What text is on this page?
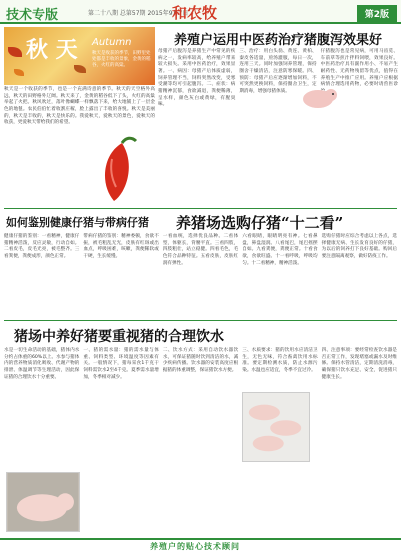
技术专版	第二十八期 总第57期 2015年9月7日
和农牧	第2版
秋 天 Autumn
秋天是收获的季节，田野里处处都是丰收的景象，金黄的稻谷，火红的高粱。
秋天是一个收获的季节，也是一个充满诗意的季节。秋天的天空格外高远，秋天的田野格外辽阔。秋天来了，金黄的稻谷低下了头，火红的高粱举起了火把。秋风吹过，落叶像蝴蝶一样飘落下来，给大地铺上了一层金色的地毯。农民伯伯忙着收割庄稼，脸上露出了丰收的喜悦。秋天是美丽的，秋天是丰收的，秋天是快乐的。我爱秋天，爱秋天的景色，爱秋天的收获，更爱秋天带给我们的希望。
养殖户运用中医药治疗猪腹泻效果好
母猪产后腹泻是养猪生产中常见的疾病之一，发病率较高，给养殖户带来较大损失。采用中医药治疗，效果显著。一、病因：母猪产后体质虚弱，饲养管理不当，饲料突然改变，受寒受潮等均可引起腹泻。二、症状：病猪精神沉郁，食欲减退，粪便稀薄，呈水样，颜色灰白或黄绿，有腥臭味。
三、治疗：用白头翁、黄连、黄柏、秦皮各适量，煎汤灌服，每日一次，连用三天。同时加强饲养管理，保持圈舍干燥清洁，注意防寒保暖。四、预防：母猪产后应逐渐增加饲料，不可突然更换饲料，保持圈舍卫生，定期消毒，增强母猪体质。
仔猪腹泻也是常见病，可用马齿苋、车前草等煎汁拌料饲喂，效果良好。中医药治疗具有副作用小、不易产生耐药性、无药物残留等优点，值得在养殖生产中推广应用。养殖户应根据病情合理选用药物，必要时请兽医诊
如何鉴别健康仔猪与带病仔猪 养猪场选购仔猪“十二看”
健康仔猪的鉴别：一看精神，健康仔猪精神活泼，反应灵敏，行动自如。二看皮毛，皮毛光亮，被毛整齐。三看粪便，粪便成形，颜色正常。
带病仔猪的鉴别：精神委顿，食欲不振，被毛粗乱无光，皮肤有红斑或出血点，呼吸困难，咳嗽，粪便稀软或干硬，生长缓慢。
一看血统，选择优良品种。二看体型，体躯长，背腰平直。三看四肢，四肢粗壮，站立稳健。四看毛色，毛色符合品种特征。五看皮肤，皮肤红润有弹性。
六看眼睛，眼睛明亮有神。七看鼻盘，鼻盘湿润。八看尾巴，尾巴摇摆自如。九看粪便，粪便正常。十看食欲，食欲旺盛。十一看呼吸，呼吸均匀。十二看精神，精神活泼。
选购仔猪时应综合考虑以上各点，选择健康无病、生长发育良好的仔猪，为以后的饲养打下良好基础。购回后要注意隔离观察，做好防疫工作。
猪场中养好猪要重视猪的合理饮水
水是一切生命活动的基础，猪体内水分约占体重的60%以上。水参与猪体内的营养物质消化吸收、代谢产物的排泄、体温调节等生理活动，因此保证猪的合理饮水十分重要。
一、猪的需水量：猪的需水量与体重、饲料类型、环境温度等因素有关。一般情况下，猪每采食1千克干饲料需饮水2至4千克。夏季需水量增加，冬季相对减少。
二、饮水方式：采用自动饮水器饮水，可保证猪随时饮到清洁的水，减少疾病传播。饮水器的安装高度应根据猪的体重调整，保证猪饮水方便。
三、水质要求：猪的饮用水应清洁卫生，无色无味，符合畜禽饮用水标准。要定期检测水质，防止水源污染。水温也应适宜，冬季不宜过冷。
四、注意事项：要经常检查饮水器是否正常工作，发现堵塞或漏水及时维修。保持水管清洁，定期清洗消毒，确保猪只饮水充足、安全，促进猪只健康生长。
养殖户的贴心技术顾问
